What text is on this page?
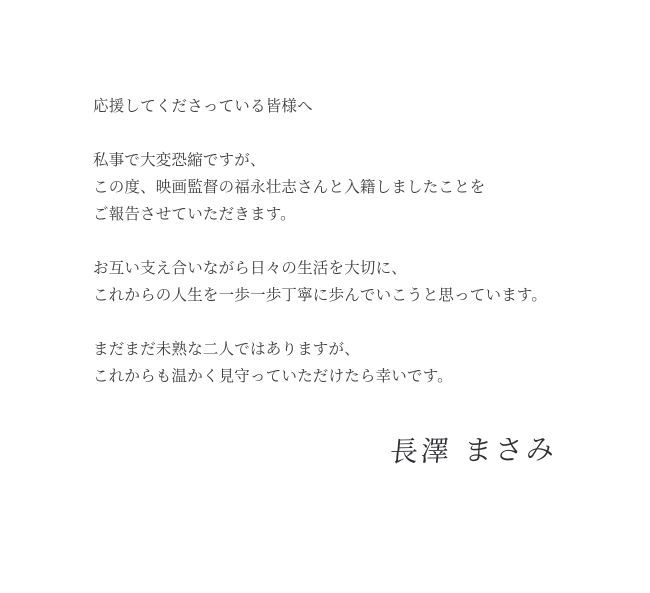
応援してくださっている皆様へ

私事で大変恐縮ですが、

この度、映画監督の福永壮志さんと入籍しましたことを

ご報告させていただきます。

お互い支え合いながら日々の生活を大切に、

これからの人生を一歩一歩丁寧に歩んでいこうと思っています。

まだまだ未熟な二人ではありますが、

これからも温かく見守っていただけたら幸いです。

長澤 まさみ
